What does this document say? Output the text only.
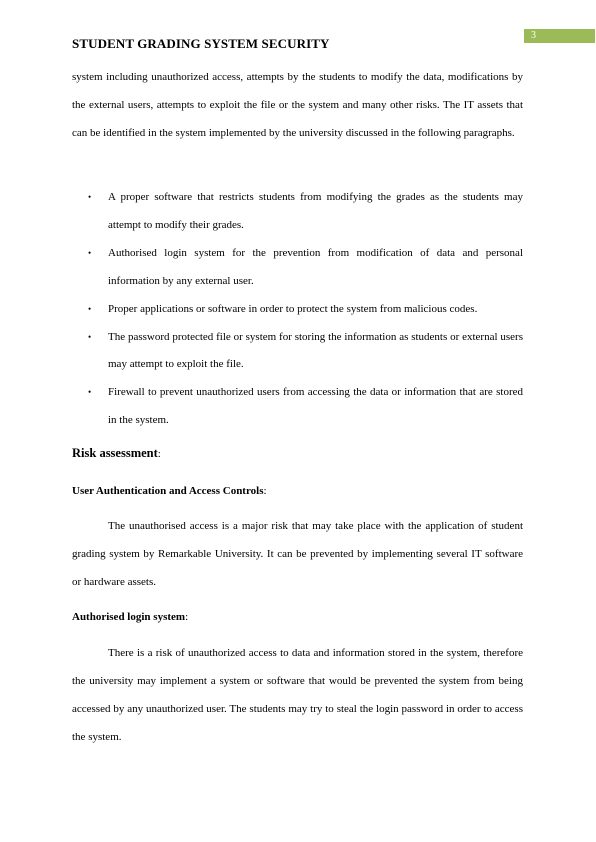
3
STUDENT GRADING SYSTEM SECURITY

system including unauthorized access, attempts by the students to modify the data, modifications by the external users, attempts to exploit the file or the system and many other risks. The IT assets that can be identified in the system implemented by the university discussed in the following paragraphs.

• A proper software that restricts students from modifying the grades as the students may attempt to modify their grades.
• Authorised login system for the prevention from modification of data and personal information by any external user.
• Proper applications or software in order to protect the system from malicious codes.
• The password protected file or system for storing the information as students or external users may attempt to exploit the file.
• Firewall to prevent unauthorized users from accessing the data or information that are stored in the system.
Risk assessment:
User Authentication and Access Controls:

The unauthorised access is a major risk that may take place with the application of student grading system by Remarkable University. It can be prevented by implementing several IT software or hardware assets.

Authorised login system:

There is a risk of unauthorized access to data and information stored in the system, therefore the university may implement a system or software that would be prevented the system from being accessed by any unauthorized user. The students may try to steal the login password in order to access the system.
